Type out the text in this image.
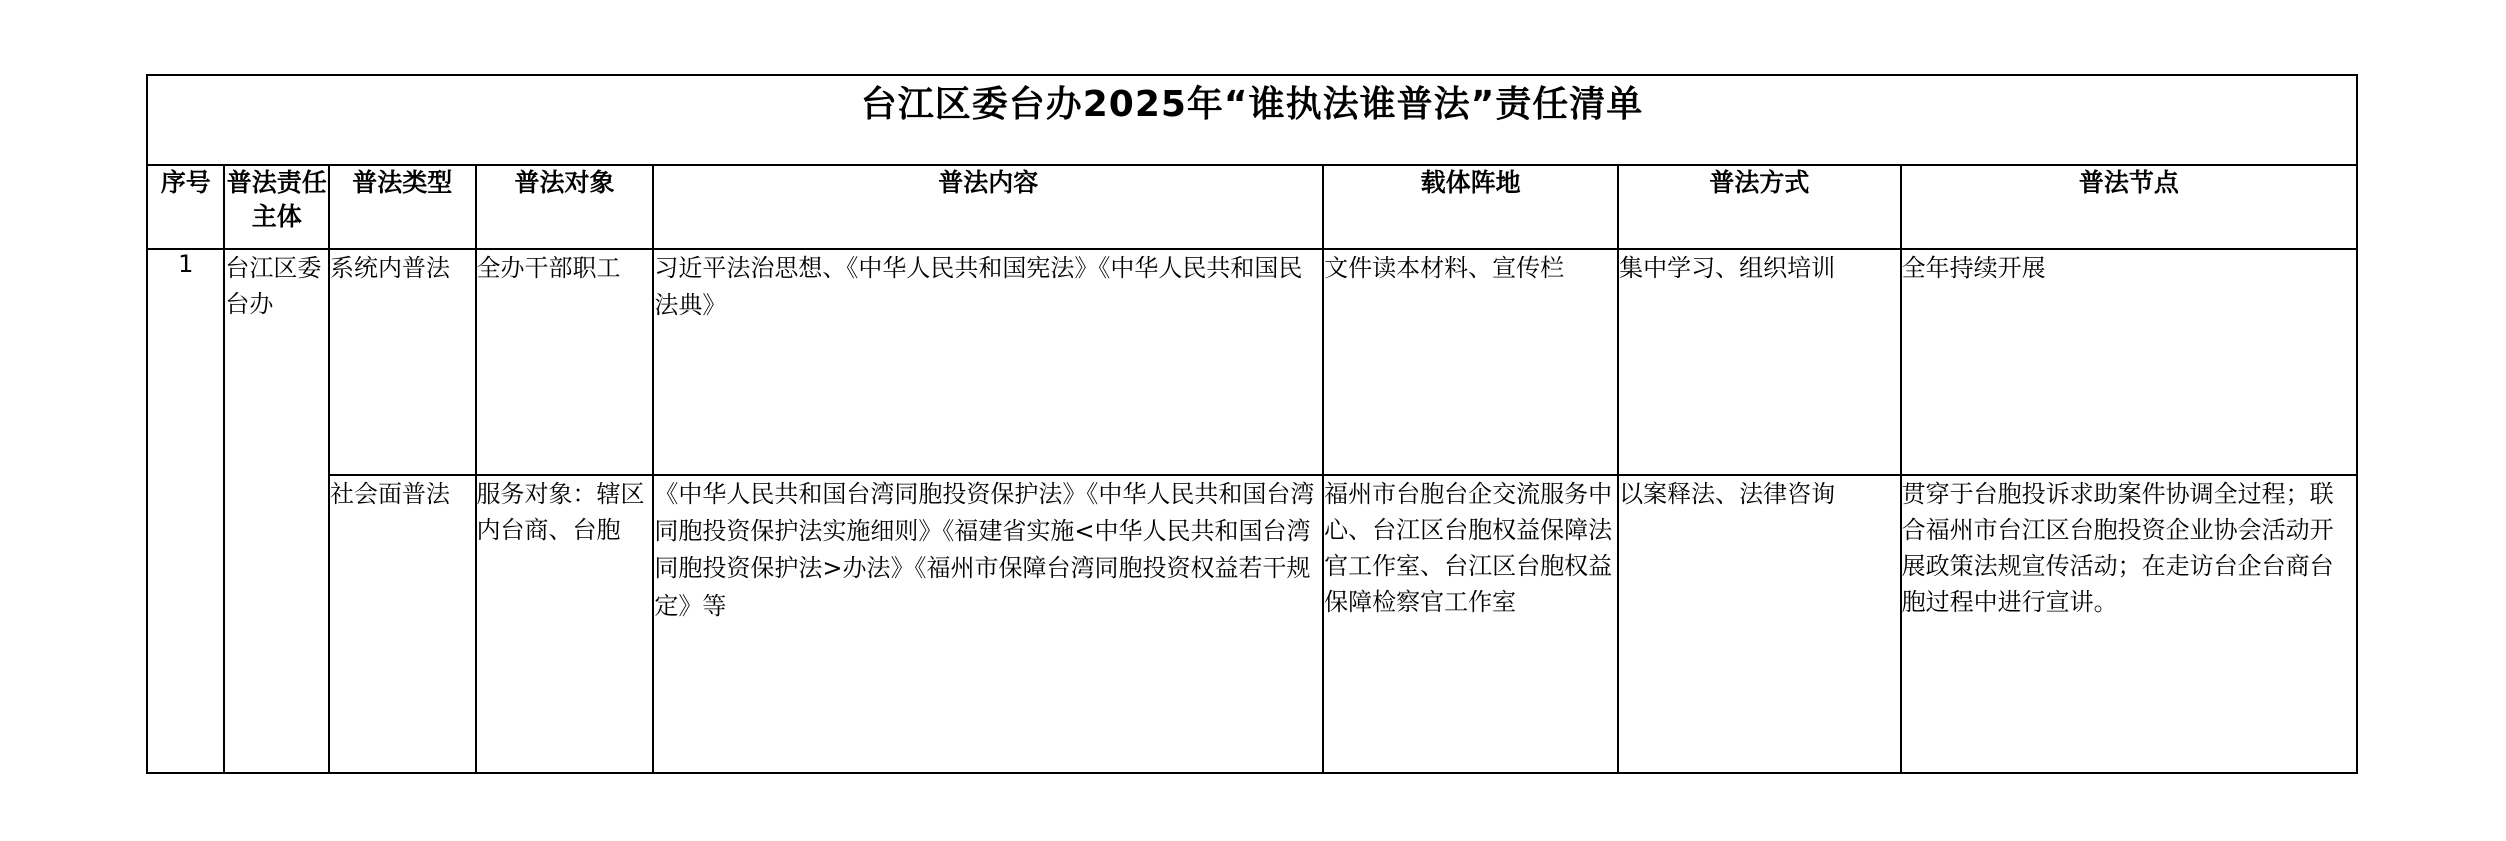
台江区委台办2025年“谁执法谁普法”责任清单							
序号	普法责任主体	普法类型	普法对象	普法内容	载体阵地	普法方式	普法节点
1	台江区委台办	系统内普法	全办干部职工	习近平法治思想、《中华人民共和国宪法》《中华人民共和国民法典》	文件读本材料、宣传栏	集中学习、组织培训	全年持续开展
		社会面普法	服务对象：辖区内台商、台胞	《中华人民共和国台湾同胞投资保护法》《中华人民共和国台湾同胞投资保护法实施细则》《福建省实施<中华人民共和国台湾同胞投资保护法>办法》《福州市保障台湾同胞投资权益若干规定》等	福州市台胞台企交流服务中心、台江区台胞权益保障法官工作室、台江区台胞权益保障检察官工作室	以案释法、法律咨询	贯穿于台胞投诉求助案件协调全过程；联合福州市台江区台胞投资企业协会活动开展政策法规宣传活动；在走访台企台商台胞过程中进行宣讲。
